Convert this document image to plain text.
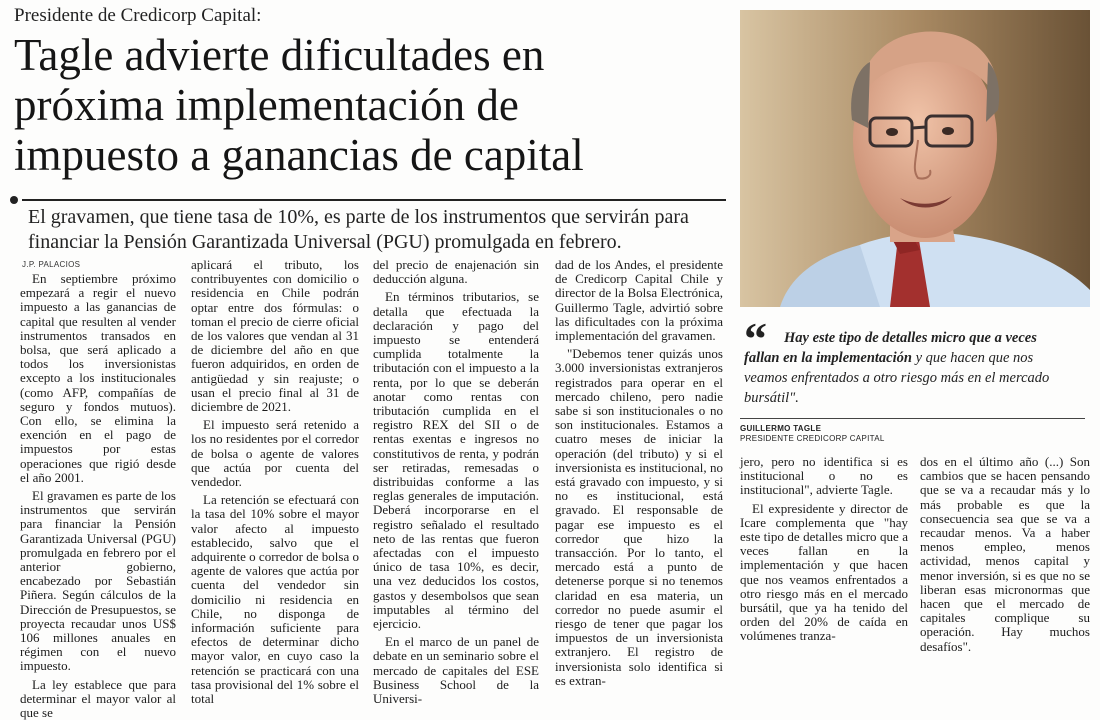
Presidente de Credicorp Capital:
Tagle advierte dificultades en
próxima implementación de
impuesto a ganancias de capital
El gravamen, que tiene tasa de 10%, es parte de los instrumentos que servirán para
financiar la Pensión Garantizada Universal (PGU) promulgada en febrero.
J.P. PALACIOS

En septiembre próximo empezará a regir el nuevo impuesto a las ganancias de capital que resulten al vender instrumentos transados en bolsa, que será aplicado a todos los inversionistas excepto a los institucionales (como AFP, compañías de seguro y fondos mutuos). Con ello, se elimina la exención en el pago de impuestos por estas operaciones que rigió desde el año 2001.

El gravamen es parte de los instrumentos que servirán para financiar la Pensión Garantizada Universal (PGU) promulgada en febrero por el anterior gobierno, encabezado por Sebastián Piñera. Según cálculos de la Dirección de Presupuestos, se proyecta recaudar unos US$ 106 millones anuales en régimen con el nuevo impuesto.

La ley establece que para determinar el mayor valor al que se

aplicará el tributo, los contribuyentes con domicilio o residencia en Chile podrán optar entre dos fórmulas: o toman el precio de cierre oficial de los valores que vendan al 31 de diciembre del año en que fueron adquiridos, en orden de antigüedad y sin reajuste; o usan el precio final al 31 de diciembre de 2021.

El impuesto será retenido a los no residentes por el corredor de bolsa o agente de valores que actúa por cuenta del vendedor.

La retención se efectuará con la tasa del 10% sobre el mayor valor afecto al impuesto establecido, salvo que el adquirente o corredor de bolsa o agente de valores que actúa por cuenta del vendedor sin domicilio ni residencia en Chile, no disponga de información suficiente para efectos de determinar dicho mayor valor, en cuyo caso la retención se practicará con una tasa provisional del 1% sobre el total

del precio de enajenación sin deducción alguna.

En términos tributarios, se detalla que efectuada la declaración y pago del impuesto se entenderá cumplida totalmente la tributación con el impuesto a la renta, por lo que se deberán anotar como rentas con tributación cumplida en el registro REX del SII o de rentas exentas e ingresos no constitutivos de renta, y podrán ser retiradas, remesadas o distribuidas conforme a las reglas generales de imputación. Deberá incorporarse en el registro señalado el resultado neto de las rentas que fueron afectadas con el impuesto único de tasa 10%, es decir, una vez deducidos los costos, gastos y desembolsos que sean imputables al término del ejercicio.

En el marco de un panel de debate en un seminario sobre el mercado de capitales del ESE Business School de la Universi-

dad de los Andes, el presidente de Credicorp Capital Chile y director de la Bolsa Electrónica, Guillermo Tagle, advirtió sobre las dificultades con la próxima implementación del gravamen.

"Debemos tener quizás unos 3.000 inversionistas extranjeros registrados para operar en el mercado chileno, pero nadie sabe si son institucionales o no son institucionales. Estamos a cuatro meses de iniciar la operación (del tributo) y si el inversionista es institucional, no está gravado con impuesto, y si no es institucional, está gravado. El responsable de pagar ese impuesto es el corredor que hizo la transacción. Por lo tanto, el mercado está a punto de detenerse porque si no tenemos claridad en esa materia, un corredor no puede asumir el riesgo de tener que pagar los impuestos de un inversionista extranjero. El registro de inversionista solo identifica si es extran-

jero, pero no identifica si es institucional o no es institucional", advierte Tagle.

El expresidente y director de Icare complementa que "hay este tipo de detalles micro que a veces fallan en la implementación y que hacen que nos veamos enfrentados a otro riesgo más en el mercado bursátil, que ya ha tenido del orden del 20% de caída en volúmenes tranza-

dos en el último año (...) Son cambios que se hacen pensando que se va a recaudar más y lo más probable es que la consecuencia sea que se va a recaudar menos. Va a haber menos empleo, menos actividad, menos capital y menor inversión, si es que no se liberan esas micronormas que hacen que el mercado de capitales complique su operación. Hay muchos desafíos".

“	Hay este tipo de detalles micro que a veces
fallan en la implementación y que hacen que nos
veamos enfrentados a otro riesgo más en el mercado
bursátil".
GUILLERMO TAGLE
PRESIDENTE CREDICORP CAPITAL
